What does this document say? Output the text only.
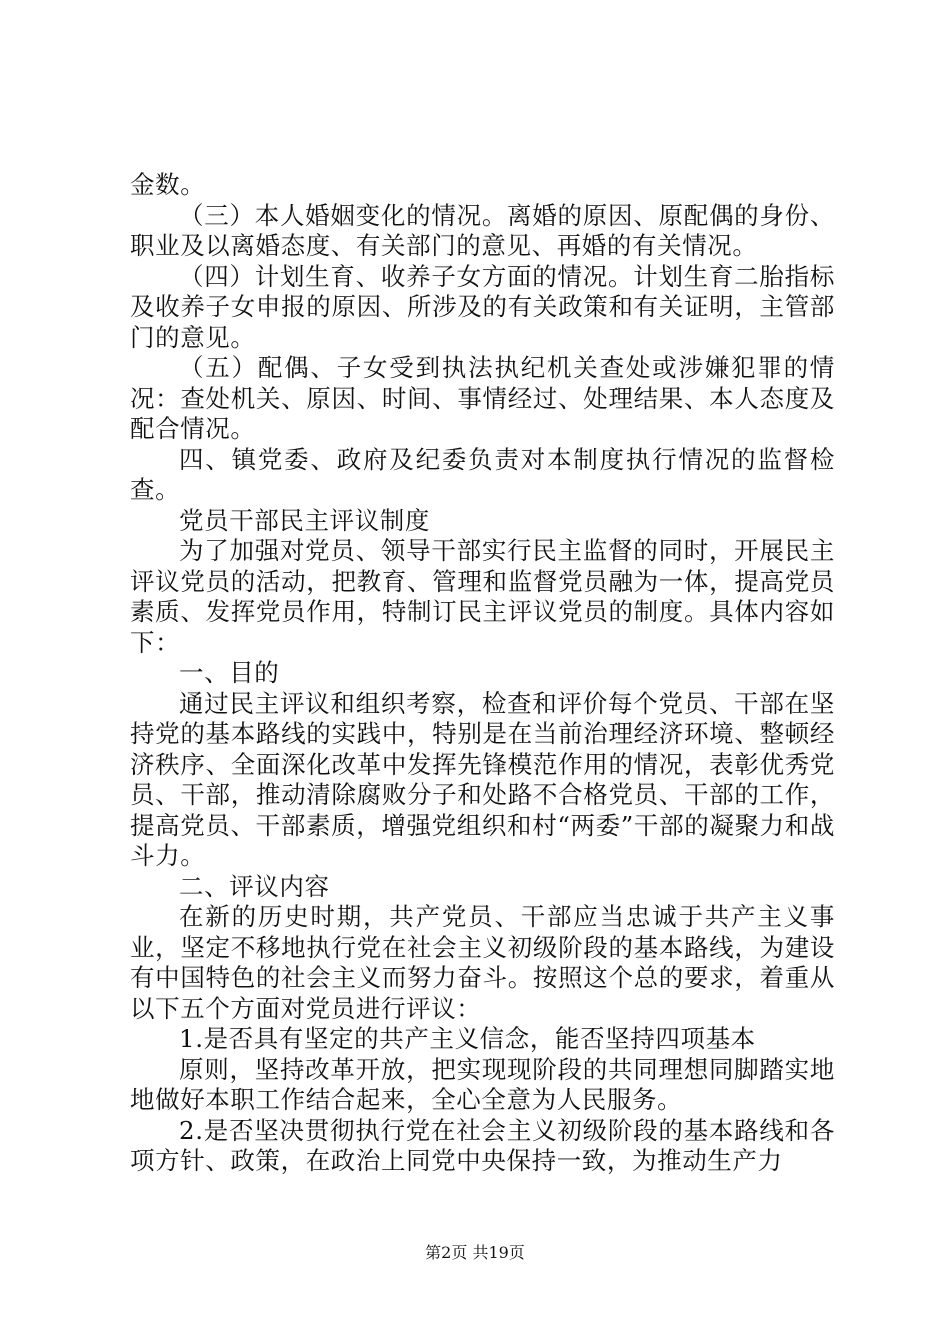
金数。

（三）本人婚姻变化的情况。离婚的原因、原配偶的身份、职业及以离婚态度、有关部门的意见、再婚的有关情况。

（四）计划生育、收养子女方面的情况。计划生育二胎指标及收养子女申报的原因、所涉及的有关政策和有关证明，主管部门的意见。

（五）配偶、子女受到执法执纪机关查处或涉嫌犯罪的情况：查处机关、原因、时间、事情经过、处理结果、本人态度及配合情况。

四、镇党委、政府及纪委负责对本制度执行情况的监督检查。

党员干部民主评议制度

为了加强对党员、领导干部实行民主监督的同时，开展民主评议党员的活动，把教育、管理和监督党员融为一体，提高党员素质、发挥党员作用，特制订民主评议党员的制度。具体内容如下：

一、目的

通过民主评议和组织考察，检查和评价每个党员、干部在坚持党的基本路线的实践中，特别是在当前治理经济环境、整顿经济秩序、全面深化改革中发挥先锋模范作用的情况，表彰优秀党员、干部，推动清除腐败分子和处路不合格党员、干部的工作，提高党员、干部素质，增强党组织和村“两委”干部的凝聚力和战斗力。

二、评议内容

在新的历史时期，共产党员、干部应当忠诚于共产主义事业，坚定不移地执行党在社会主义初级阶段的基本路线，为建设有中国特色的社会主义而努力奋斗。按照这个总的要求，着重从以下五个方面对党员进行评议：

1.是否具有坚定的共产主义信念，能否坚持四项基本

原则，坚持改革开放，把实现现阶段的共同理想同脚踏实地地做好本职工作结合起来，全心全意为人民服务。

2.是否坚决贯彻执行党在社会主义初级阶段的基本路线和各项方针、政策，在政治上同党中央保持一致，为推动生产力

第2页 共19页
